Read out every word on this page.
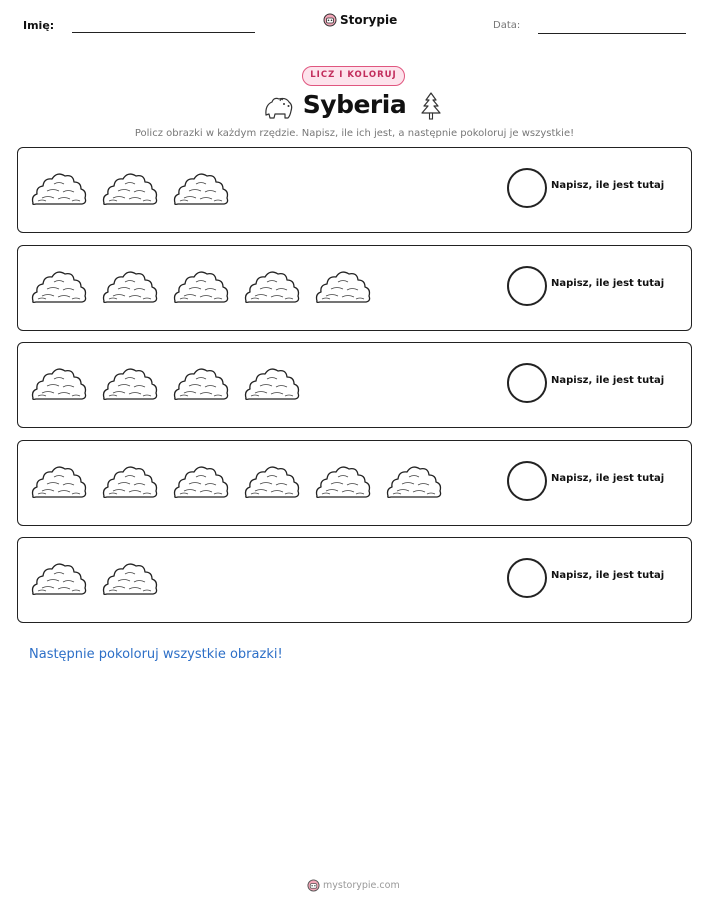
Imię:	Storypie	Data:
LICZ I KOLORUJ
Syberia
Policz obrazki w każdym rzędzie. Napisz, ile ich jest, a następnie pokoloruj je wszystkie!
Napisz, ile jest tutaj
Napisz, ile jest tutaj
Napisz, ile jest tutaj
Napisz, ile jest tutaj
Napisz, ile jest tutaj
Następnie pokoloruj wszystkie obrazki!
mystorypie.com
